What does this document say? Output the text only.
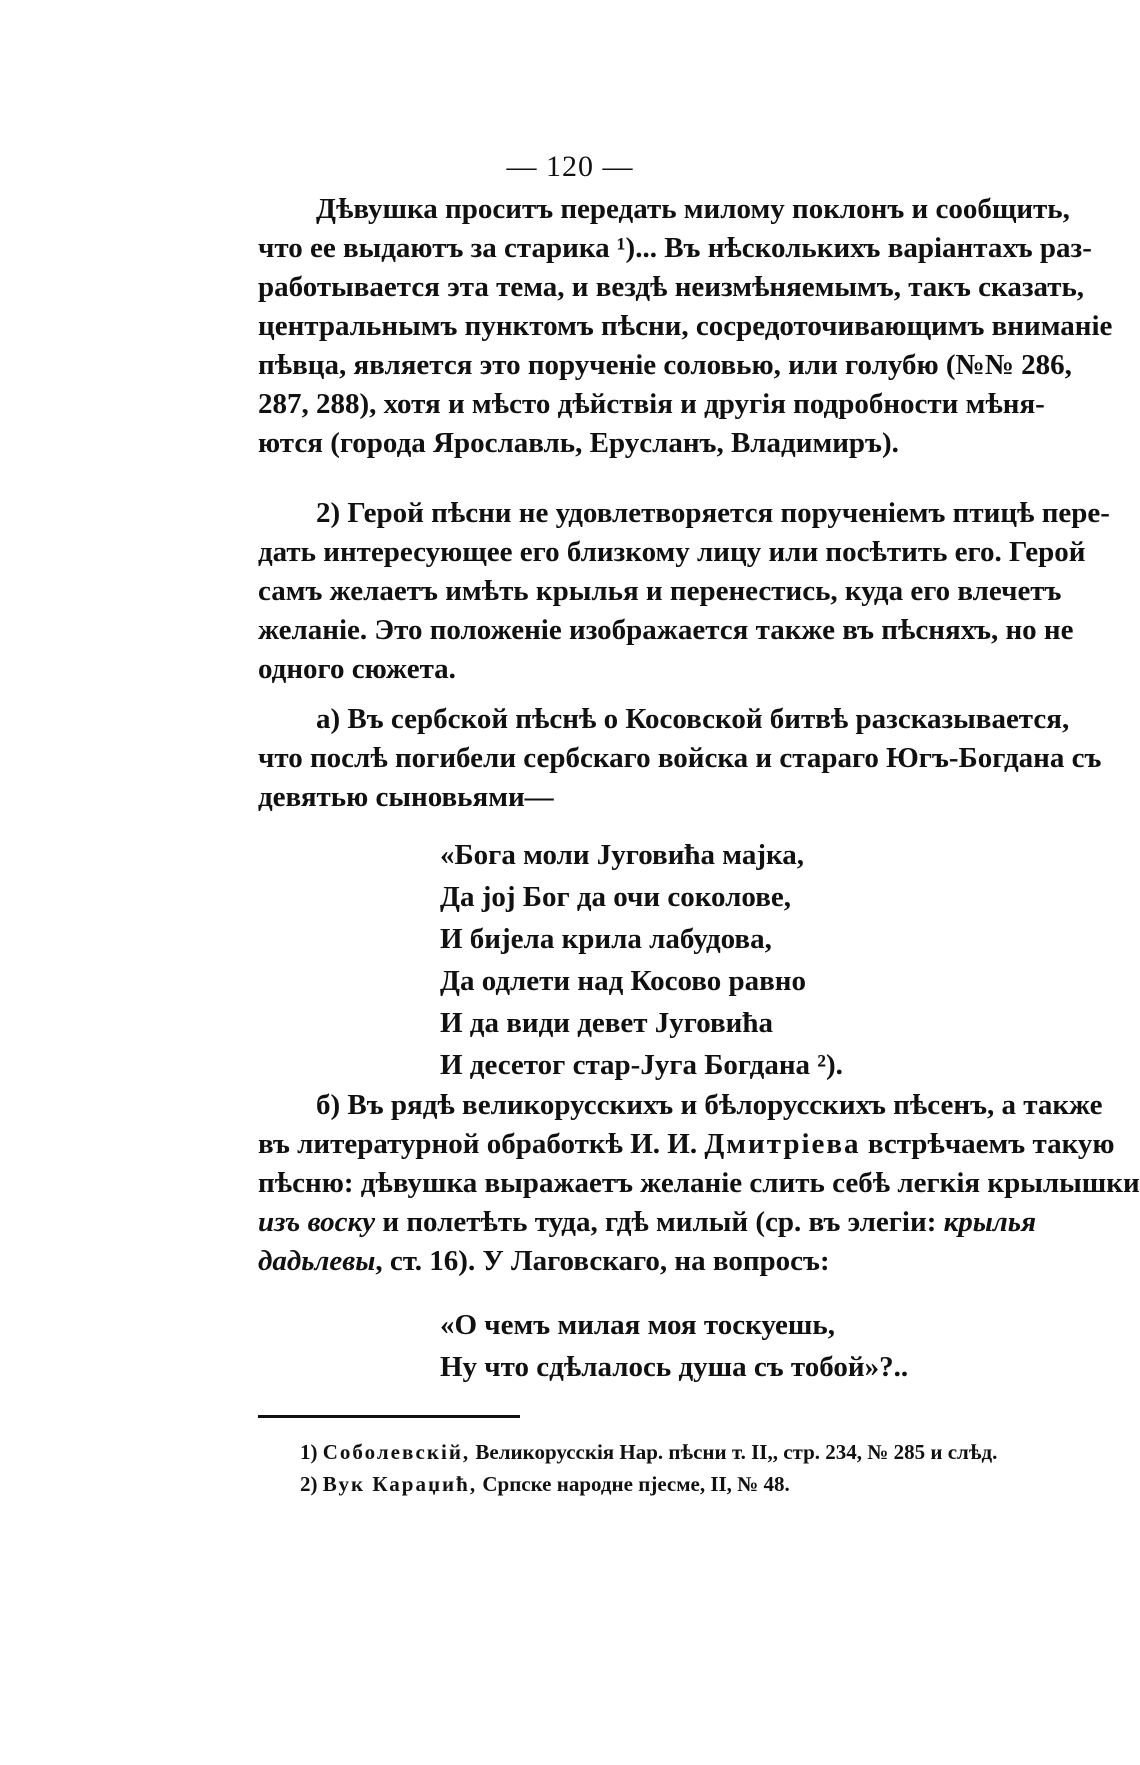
— 120 —
Дѣвушка проситъ передать милому поклонъ и сообщить,
что ее выдаютъ за старика ¹)... Въ нѣсколькихъ варіантахъ раз-
работывается эта тема, и вездѣ неизмѣняемымъ, такъ сказать,
центральнымъ пунктомъ пѣсни, сосредоточивающимъ вниманіе
пѣвца, является это порученіе соловью, или голубю (№№ 286,
287, 288), хотя и мѣсто дѣйствія и другія подробности мѣня-
ются (города Ярославль, Еруcланъ, Владимиръ).
2) Герой пѣсни не удовлетворяется порученіемъ птицѣ пере-
дать интересующее его близкому лицу или посѣтить его. Герой
самъ желаетъ имѣть крылья и перенестись, куда его влечетъ
желаніе. Это положеніе изображается также въ пѣсняхъ, но не
одного сюжета.
а) Въ сербской пѣснѣ о Косовской битвѣ разсказывается,
что послѣ погибели сербскаго войска и стараго Югъ-Богдана съ
девятью сыновьями—
«Бога моли Југовића мајка,
Да јој Бог да очи соколове,
И бијела крила лабудова,
Да одлети над Косово равно
И да види девет Југовића
И десетог стар-Југа Богдана ²).
б) Въ рядѣ великорусскихъ и бѣлорусскихъ пѣсенъ, а также
въ литературной обработкѣ И. И. Дмитріева встрѣчаемъ такую
пѣсню: дѣвушка выражаетъ желаніе слить себѣ легкія крылышки
изъ воску и полетѣть туда, гдѣ милый (ср. въ элегіи: крылья
дадьлевы, ст. 16). У Лаговскаго, на вопросъ:
«О чемъ милая моя тоскуешь,
Ну что сдѣлалось душа съ тобой»?..
1) Соболевскій, Великорусскія Нар. пѣсни т. II,, стр. 234, № 285 и слѣд.
2) Вук Караџић, Српске народне пјесме, II, № 48.
